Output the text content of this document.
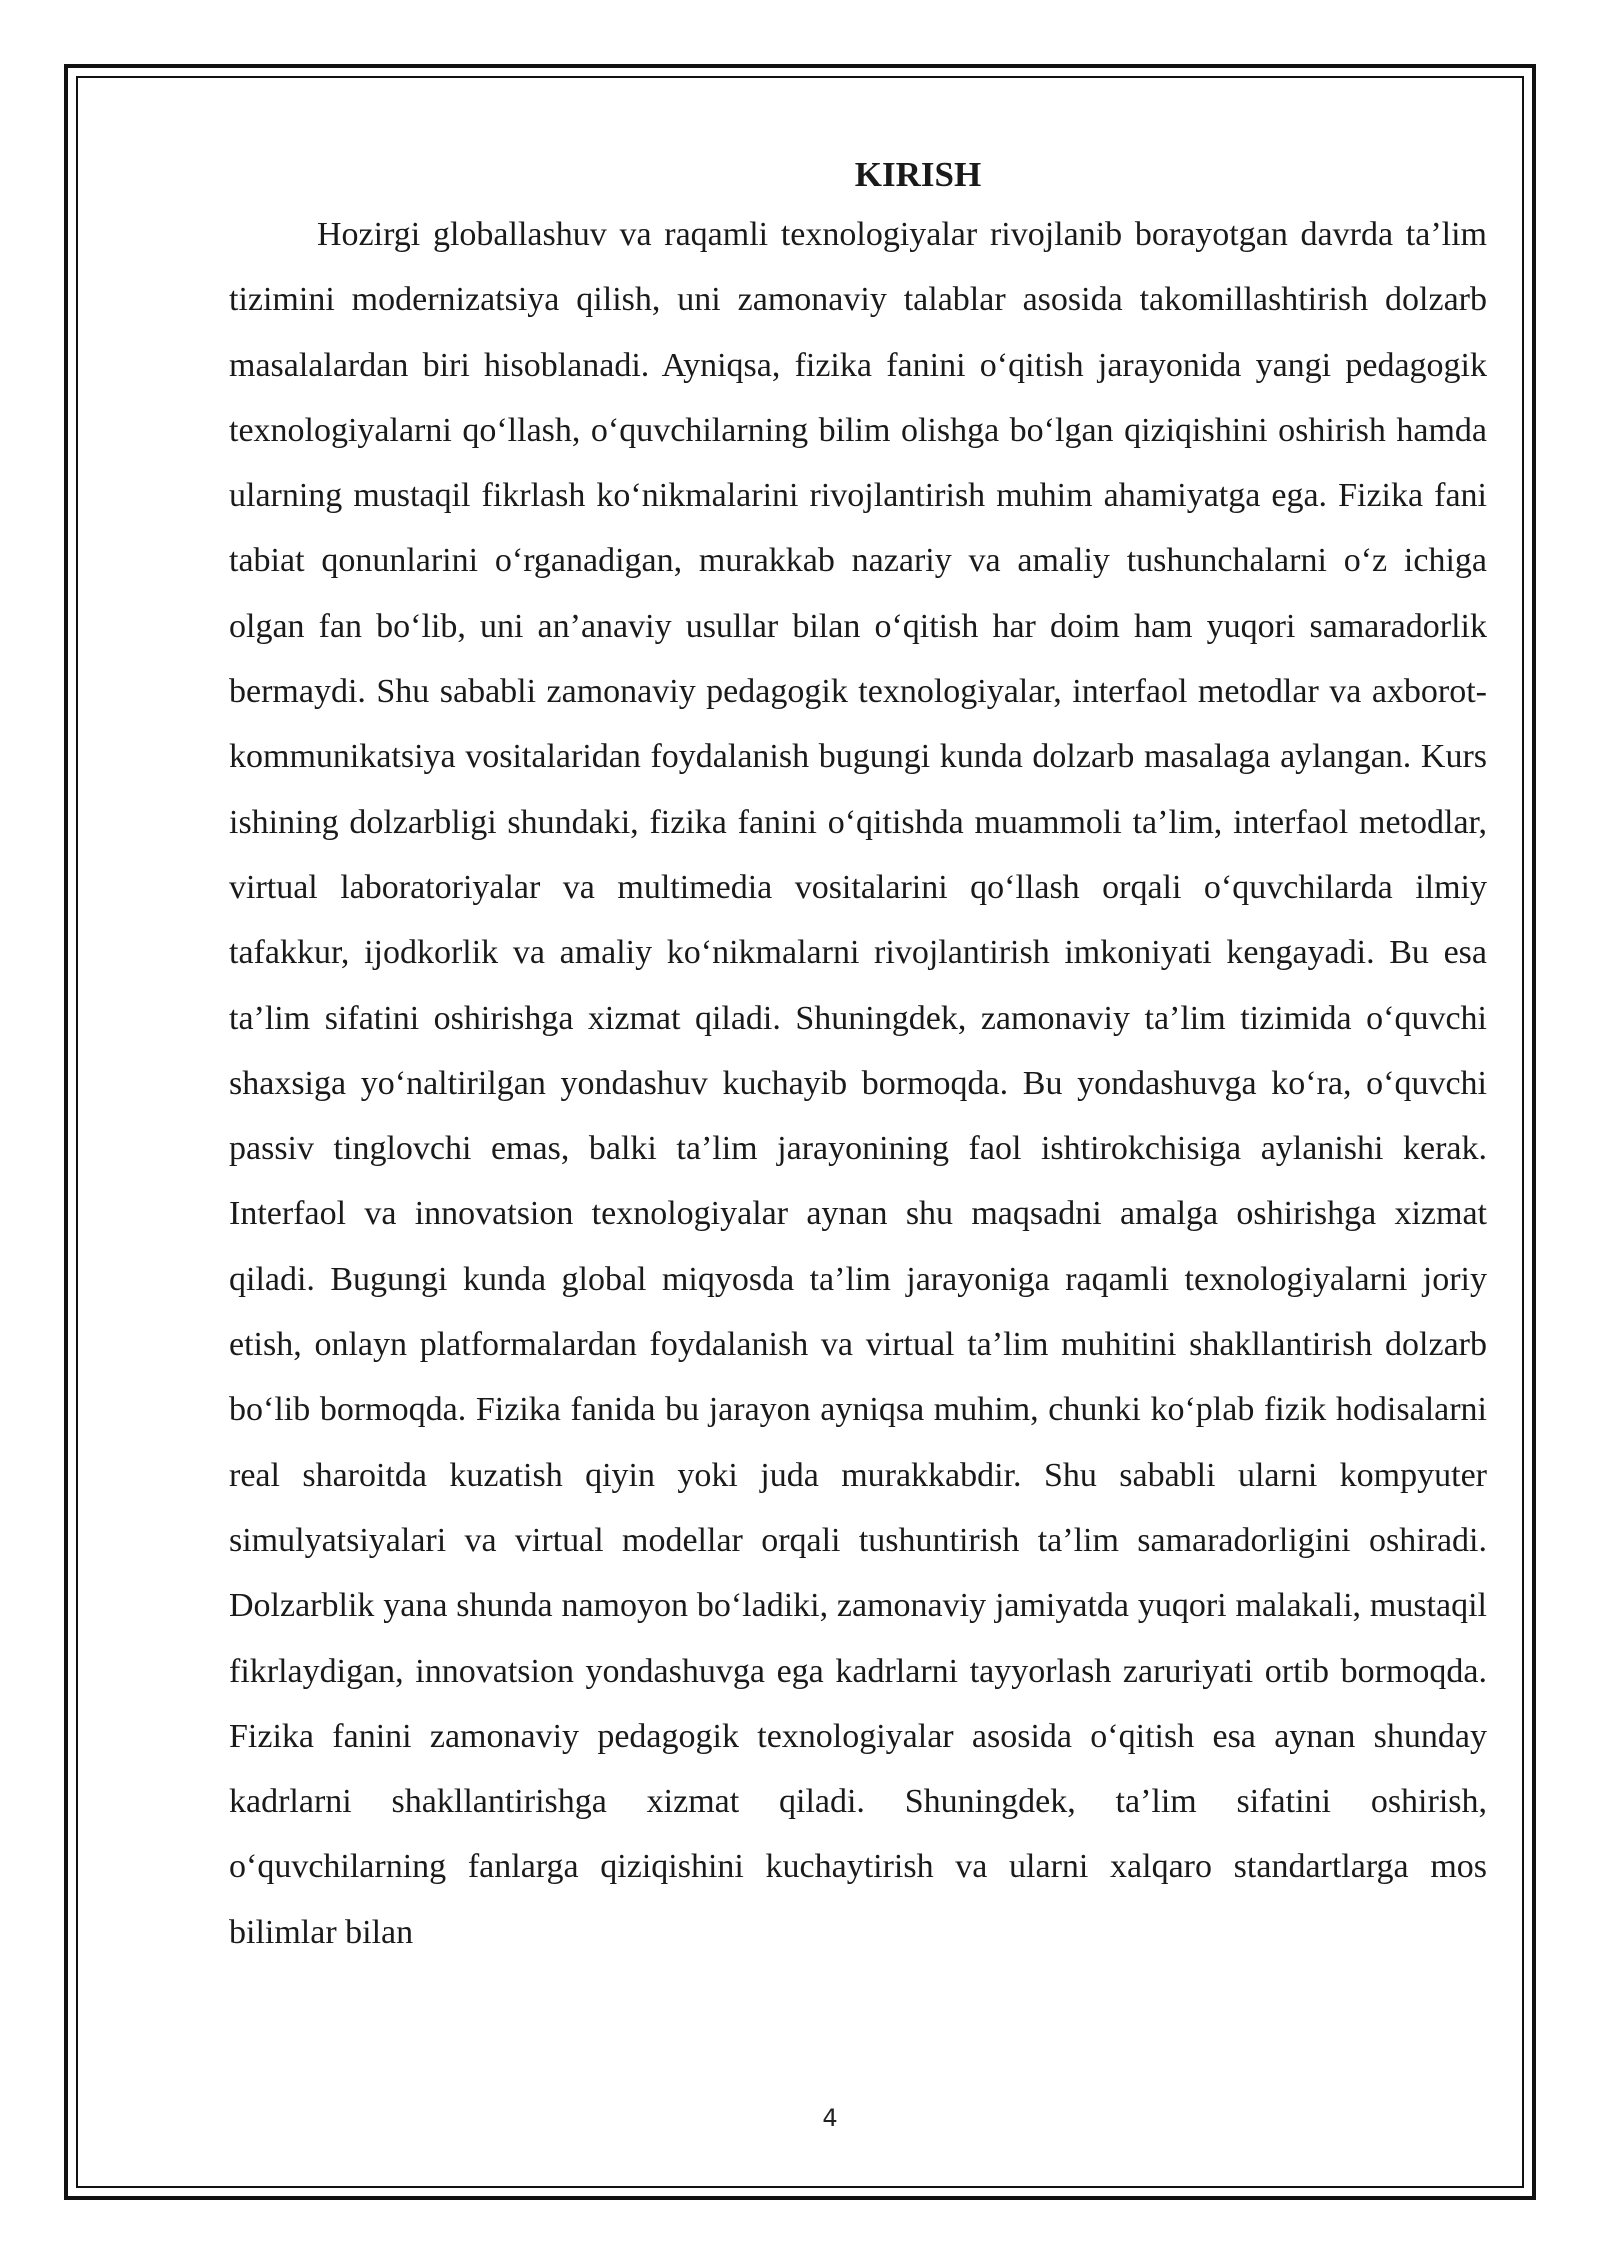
KIRISH

Hozirgi globallashuv va raqamli texnologiyalar rivojlanib borayotgan davrda ta’lim tizimini modernizatsiya qilish, uni zamonaviy talablar asosida takomillashtirish dolzarb masalalardan biri hisoblanadi. Ayniqsa, fizika fanini o‘qitish jarayonida yangi pedagogik texnologiyalarni qo‘llash, o‘quvchilarning bilim olishga bo‘lgan qiziqishini oshirish hamda ularning mustaqil fikrlash ko‘nikmalarini rivojlantirish muhim ahamiyatga ega. Fizika fani tabiat qonunlarini o‘rganadigan, murakkab nazariy va amaliy tushunchalarni o‘z ichiga olgan fan bo‘lib, uni an’anaviy usullar bilan o‘qitish har doim ham yuqori samaradorlik bermaydi. Shu sababli zamonaviy pedagogik texnologiyalar, interfaol metodlar va axborot-kommunikatsiya vositalaridan foydalanish bugungi kunda dolzarb masalaga aylangan. Kurs ishining dolzarbligi shundaki, fizika fanini o‘qitishda muammoli ta’lim, interfaol metodlar, virtual laboratoriyalar va multimedia vositalarini qo‘llash orqali o‘quvchilarda ilmiy tafakkur, ijodkorlik va amaliy ko‘nikmalarni rivojlantirish imkoniyati kengayadi. Bu esa ta’lim sifatini oshirishga xizmat qiladi. Shuningdek, zamonaviy ta’lim tizimida o‘quvchi shaxsiga yo‘naltirilgan yondashuv kuchayib bormoqda. Bu yondashuvga ko‘ra, o‘quvchi passiv tinglovchi emas, balki ta’lim jarayonining faol ishtirokchisiga aylanishi kerak. Interfaol va innovatsion texnologiyalar aynan shu maqsadni amalga oshirishga xizmat qiladi. Bugungi kunda global miqyosda ta’lim jarayoniga raqamli texnologiyalarni joriy etish, onlayn platformalardan foydalanish va virtual ta’lim muhitini shakllantirish dolzarb bo‘lib bormoqda. Fizika fanida bu jarayon ayniqsa muhim, chunki ko‘plab fizik hodisalarni real sharoitda kuzatish qiyin yoki juda murakkabdir. Shu sababli ularni kompyuter simulyatsiyalari va virtual modellar orqali tushuntirish ta’lim samaradorligini oshiradi. Dolzarblik yana shunda namoyon bo‘ladiki, zamonaviy jamiyatda yuqori malakali, mustaqil fikrlaydigan, innovatsion yondashuvga ega kadrlarni tayyorlash zaruriyati ortib bormoqda. Fizika fanini zamonaviy pedagogik texnologiyalar asosida o‘qitish esa aynan shunday kadrlarni shakllantirishga xizmat qiladi. Shuningdek, ta’lim sifatini oshirish, o‘quvchilarning fanlarga qiziqishini kuchaytirish va ularni xalqaro standartlarga mos bilimlar bilan

4
